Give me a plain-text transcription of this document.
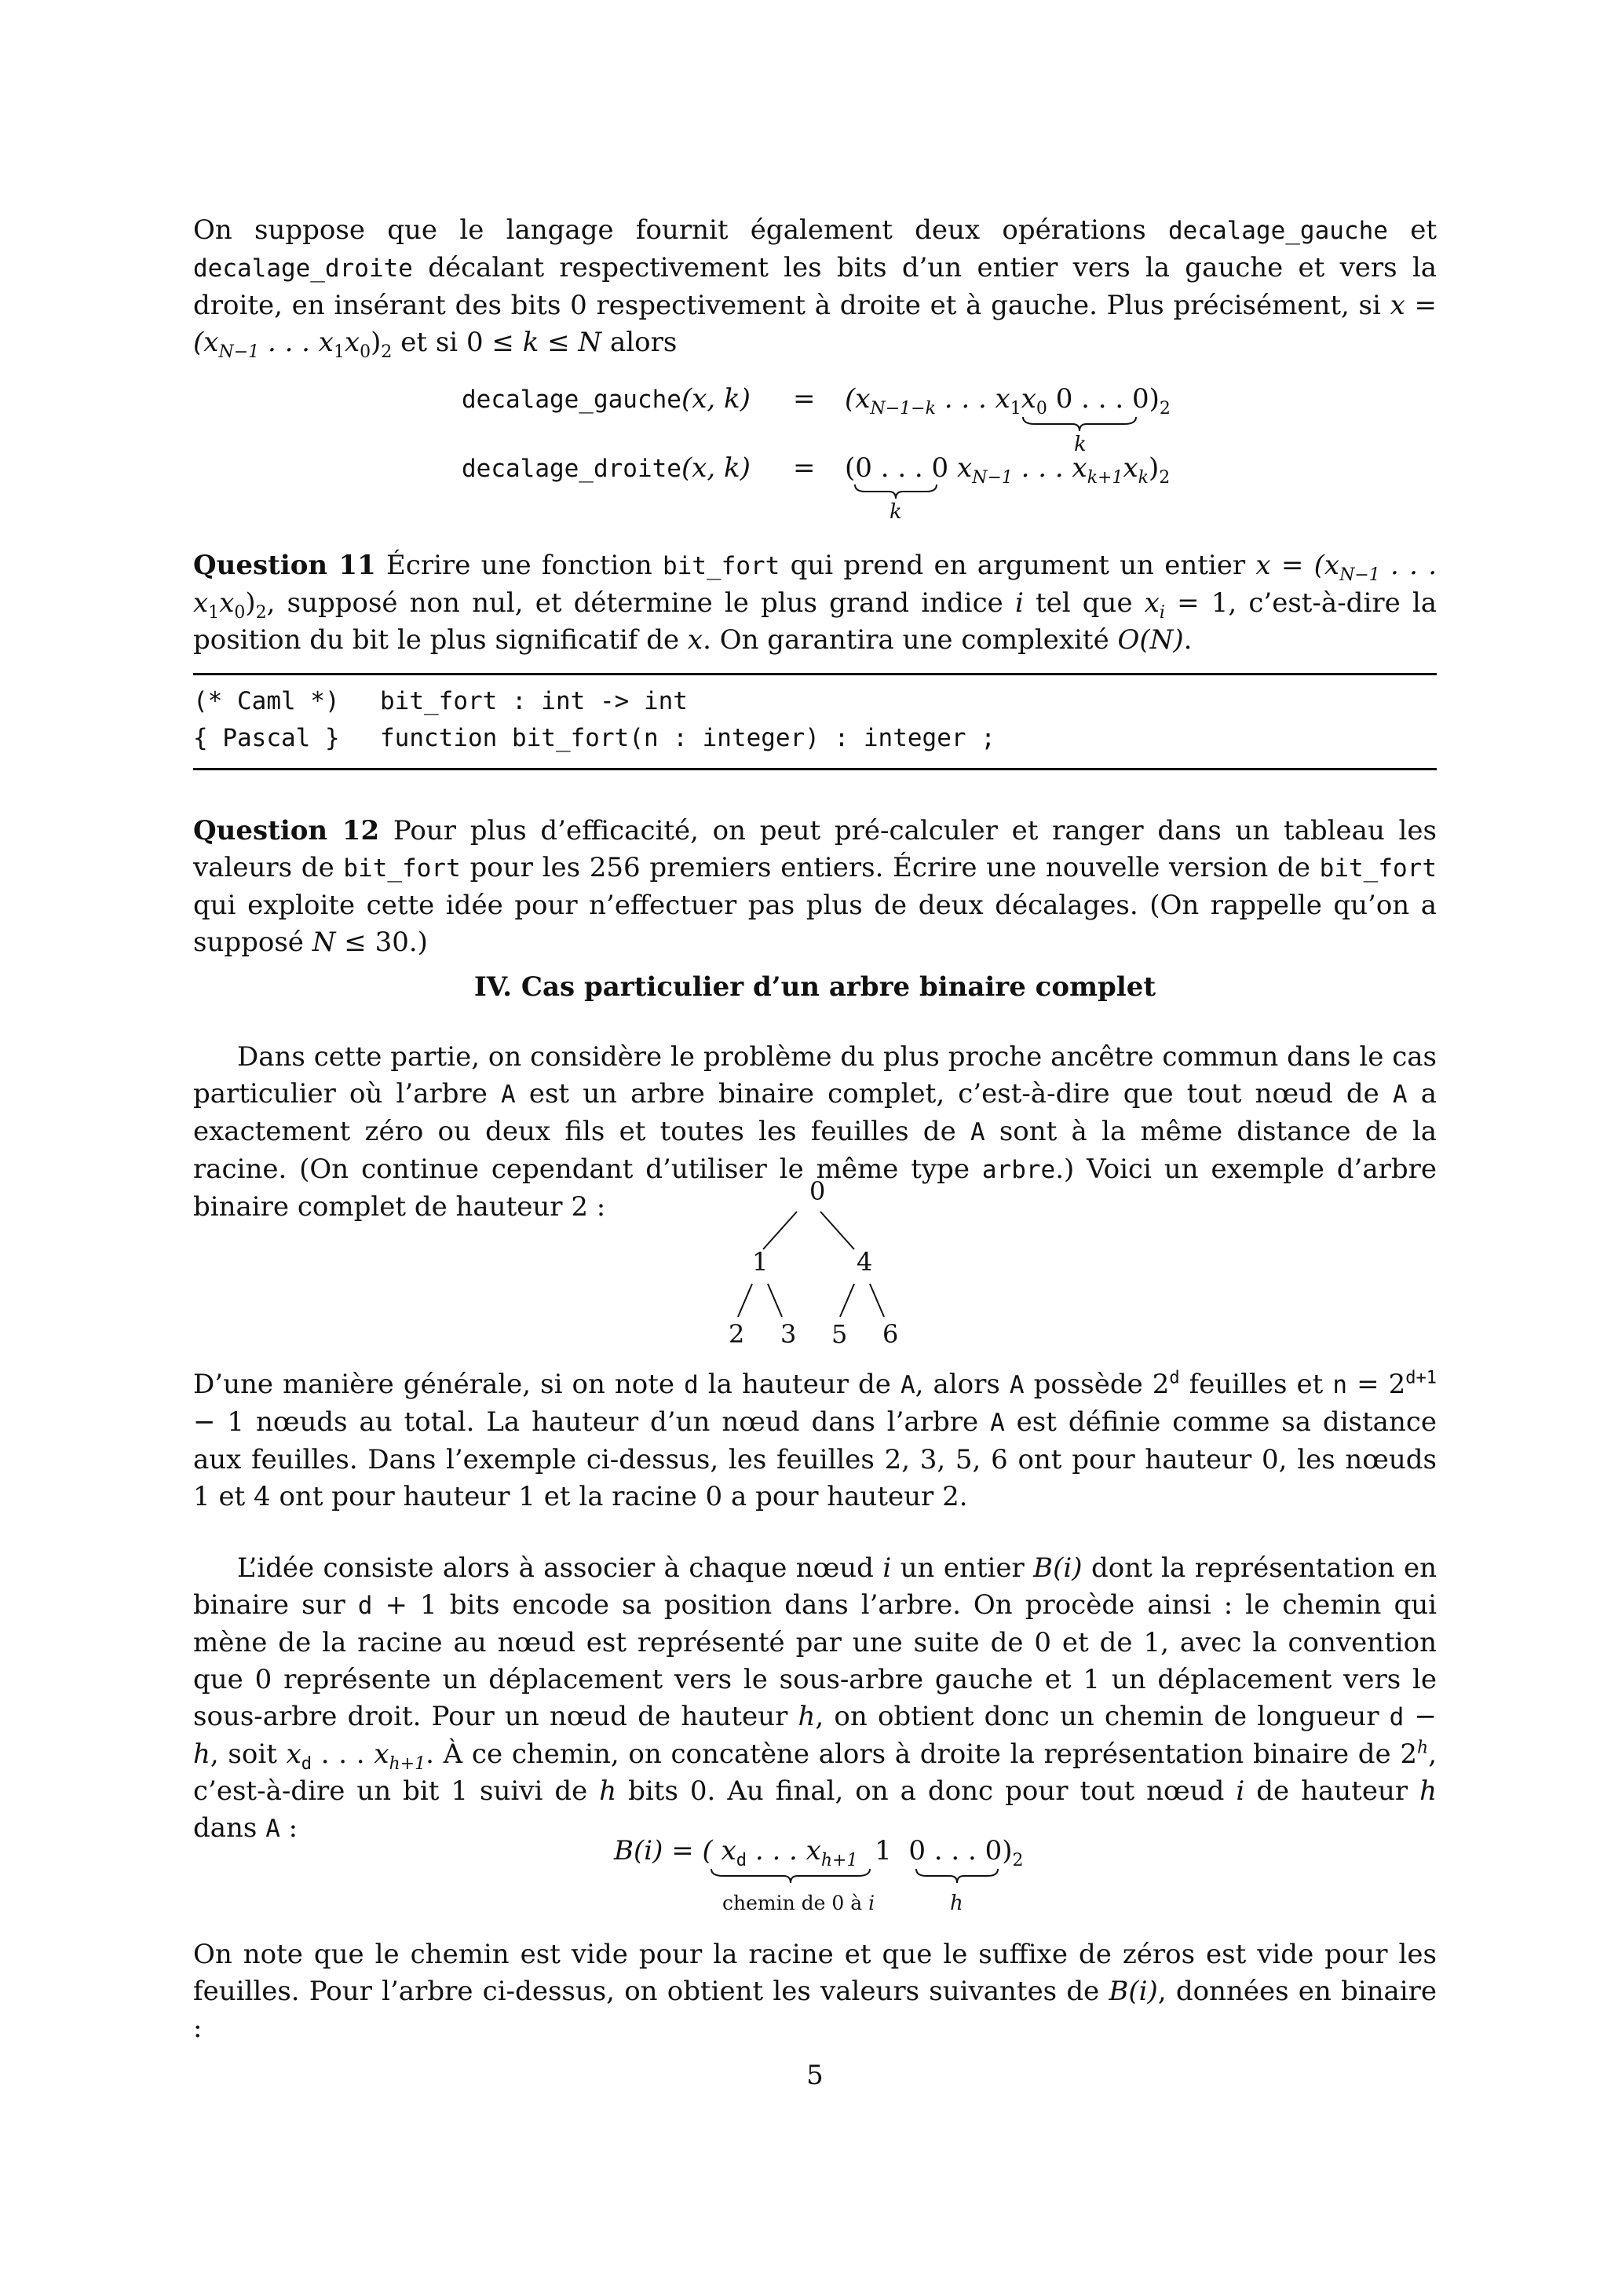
On suppose que le langage fournit également deux opérations decalage_gauche et decalage_droite décalant respectivement les bits d’un entier vers la gauche et vers la droite, en insérant des bits 0 respectivement à droite et à gauche. Plus précisément, si $x = (x_{N-1}$ . . . $x_1x_0)_2$ et si 0 ≤ k ≤ N alors
decalage_gauche(x, $k) = (x_{N-1-k}$ . . . $x_1x_0$ 0 . . . $0)_2$
k
decalage_droite(x, k) = (0 . . . 0 $x_{N-1}$ . . . $x_{k+1}x_k)_2$
k
Question 11 Écrire une fonction bit_fort qui prend en argument un entier $x = (x_{N-1}$ . . . $x_1x_0)_2$, supposé non nul, et détermine le plus grand indice i tel que $x_i = 1$, c’est-à-dire la position du bit le plus significatif de x. On garantira une complexité O(N).
(* Caml *) bit_fort : int -> int
{ Pascal } function bit_fort(n : integer) : integer ;
Question 12 Pour plus d’efficacité, on peut pré-calculer et ranger dans un tableau les valeurs de bit_fort pour les 256 premiers entiers. Écrire une nouvelle version de bit_fort qui exploite cette idée pour n’effectuer pas plus de deux décalages. (On rappelle qu’on a supposé N ≤ 30.)
IV. Cas particulier d’un arbre binaire complet
Dans cette partie, on considère le problème du plus proche ancêtre commun dans le cas particulier où l’arbre A est un arbre binaire complet, c’est-à-dire que tout nœud de A a exactement zéro ou deux fils et toutes les feuilles de A sont à la même distance de la racine. (On continue cependant d’utiliser le même type arbre.) Voici un exemple d’arbre binaire complet de hauteur 2 :	0
1	4
2 3 5 6
D’une manière générale, si on note d la hauteur de A, alors A possède 2$^d$ feuilles et $n = 2^{d+1} - 1$ nœuds au total. La hauteur d’un nœud dans l’arbre A est définie comme sa distance aux feuilles. Dans l’exemple ci-dessus, les feuilles 2, 3, 5, 6 ont pour hauteur 0, les nœuds 1 et 4 ont pour hauteur 1 et la racine 0 a pour hauteur 2.
L’idée consiste alors à associer à chaque nœud i un entier B(i) dont la représentation en binaire sur d + 1 bits encode sa position dans l’arbre. On procède ainsi : le chemin qui mène de la racine au nœud est représenté par une suite de 0 et de 1, avec la convention que 0 représente un déplacement vers le sous-arbre gauche et 1 un déplacement vers le sous-arbre droit. Pour un nœud de hauteur h, on obtient donc un chemin de longueur d − h, soit $x_d$ . . . $x_{h+1}$. À ce chemin, on concatène alors à droite la représentation binaire de 2$^h$, c’est-à-dire un bit 1 suivi de h bits 0. Au final, on a donc pour tout nœud i de hauteur h dans A :
B(i) = ( $x_d$ . . . $x_{h+1}$ 1 0 . . . $0)_2$
chemin de 0 à i	h
On note que le chemin est vide pour la racine et que le suffixe de zéros est vide pour les feuilles. Pour l’arbre ci-dessus, on obtient les valeurs suivantes de B(i), données en binaire :
5
